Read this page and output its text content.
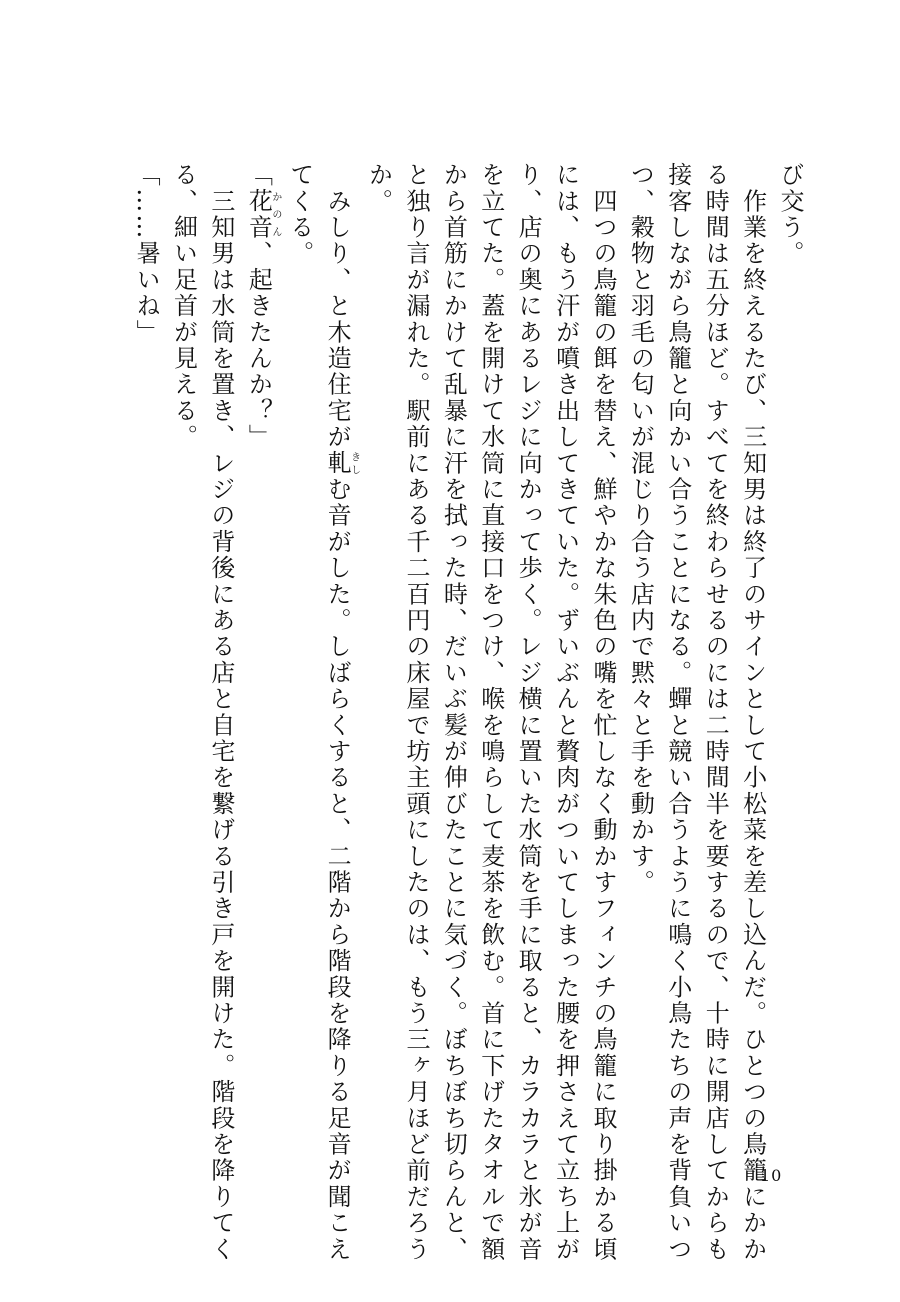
び交う。
　作業を終えるたび、三知男は終了のサインとして小松菜を差し込んだ。ひとつの鳥籠にかか
る時間は五分ほど。すべてを終わらせるのには二時間半を要するので、十時に開店してからも
接客しながら鳥籠と向かい合うことになる。蟬と競い合うように鳴く小鳥たちの声を背負いつ
つ、穀物と羽毛の匂いが混じり合う店内で黙々と手を動かす。
　四つの鳥籠の餌を替え、鮮やかな朱色の嘴を忙しなく動かすフィンチの鳥籠に取り掛かる頃
には、もう汗が噴き出してきていた。ずいぶんと贅肉がついてしまった腰を押さえて立ち上が
り、店の奥にあるレジに向かって歩く。レジ横に置いた水筒を手に取ると、カラカラと氷が音
を立てた。蓋を開けて水筒に直接口をつけ、喉を鳴らして麦茶を飲む。首に下げたタオルで額
から首筋にかけて乱暴に汗を拭った時、だいぶ髪が伸びたことに気づく。ぼちぼち切らんと、
と独り言が漏れた。駅前にある千二百円の床屋で坊主頭にしたのは、もう三ヶ月ほど前だろう
か。
　みしり、と木造住宅が軋きしむ音がした。しばらくすると、二階から階段を降りる足音が聞こえ
てくる。
「花音かのん、起きたんか？」
　三知男は水筒を置き、レジの背後にある店と自宅を繋げる引き戸を開けた。階段を降りてく
る、細い足首が見える。
「……暑いね」
10
